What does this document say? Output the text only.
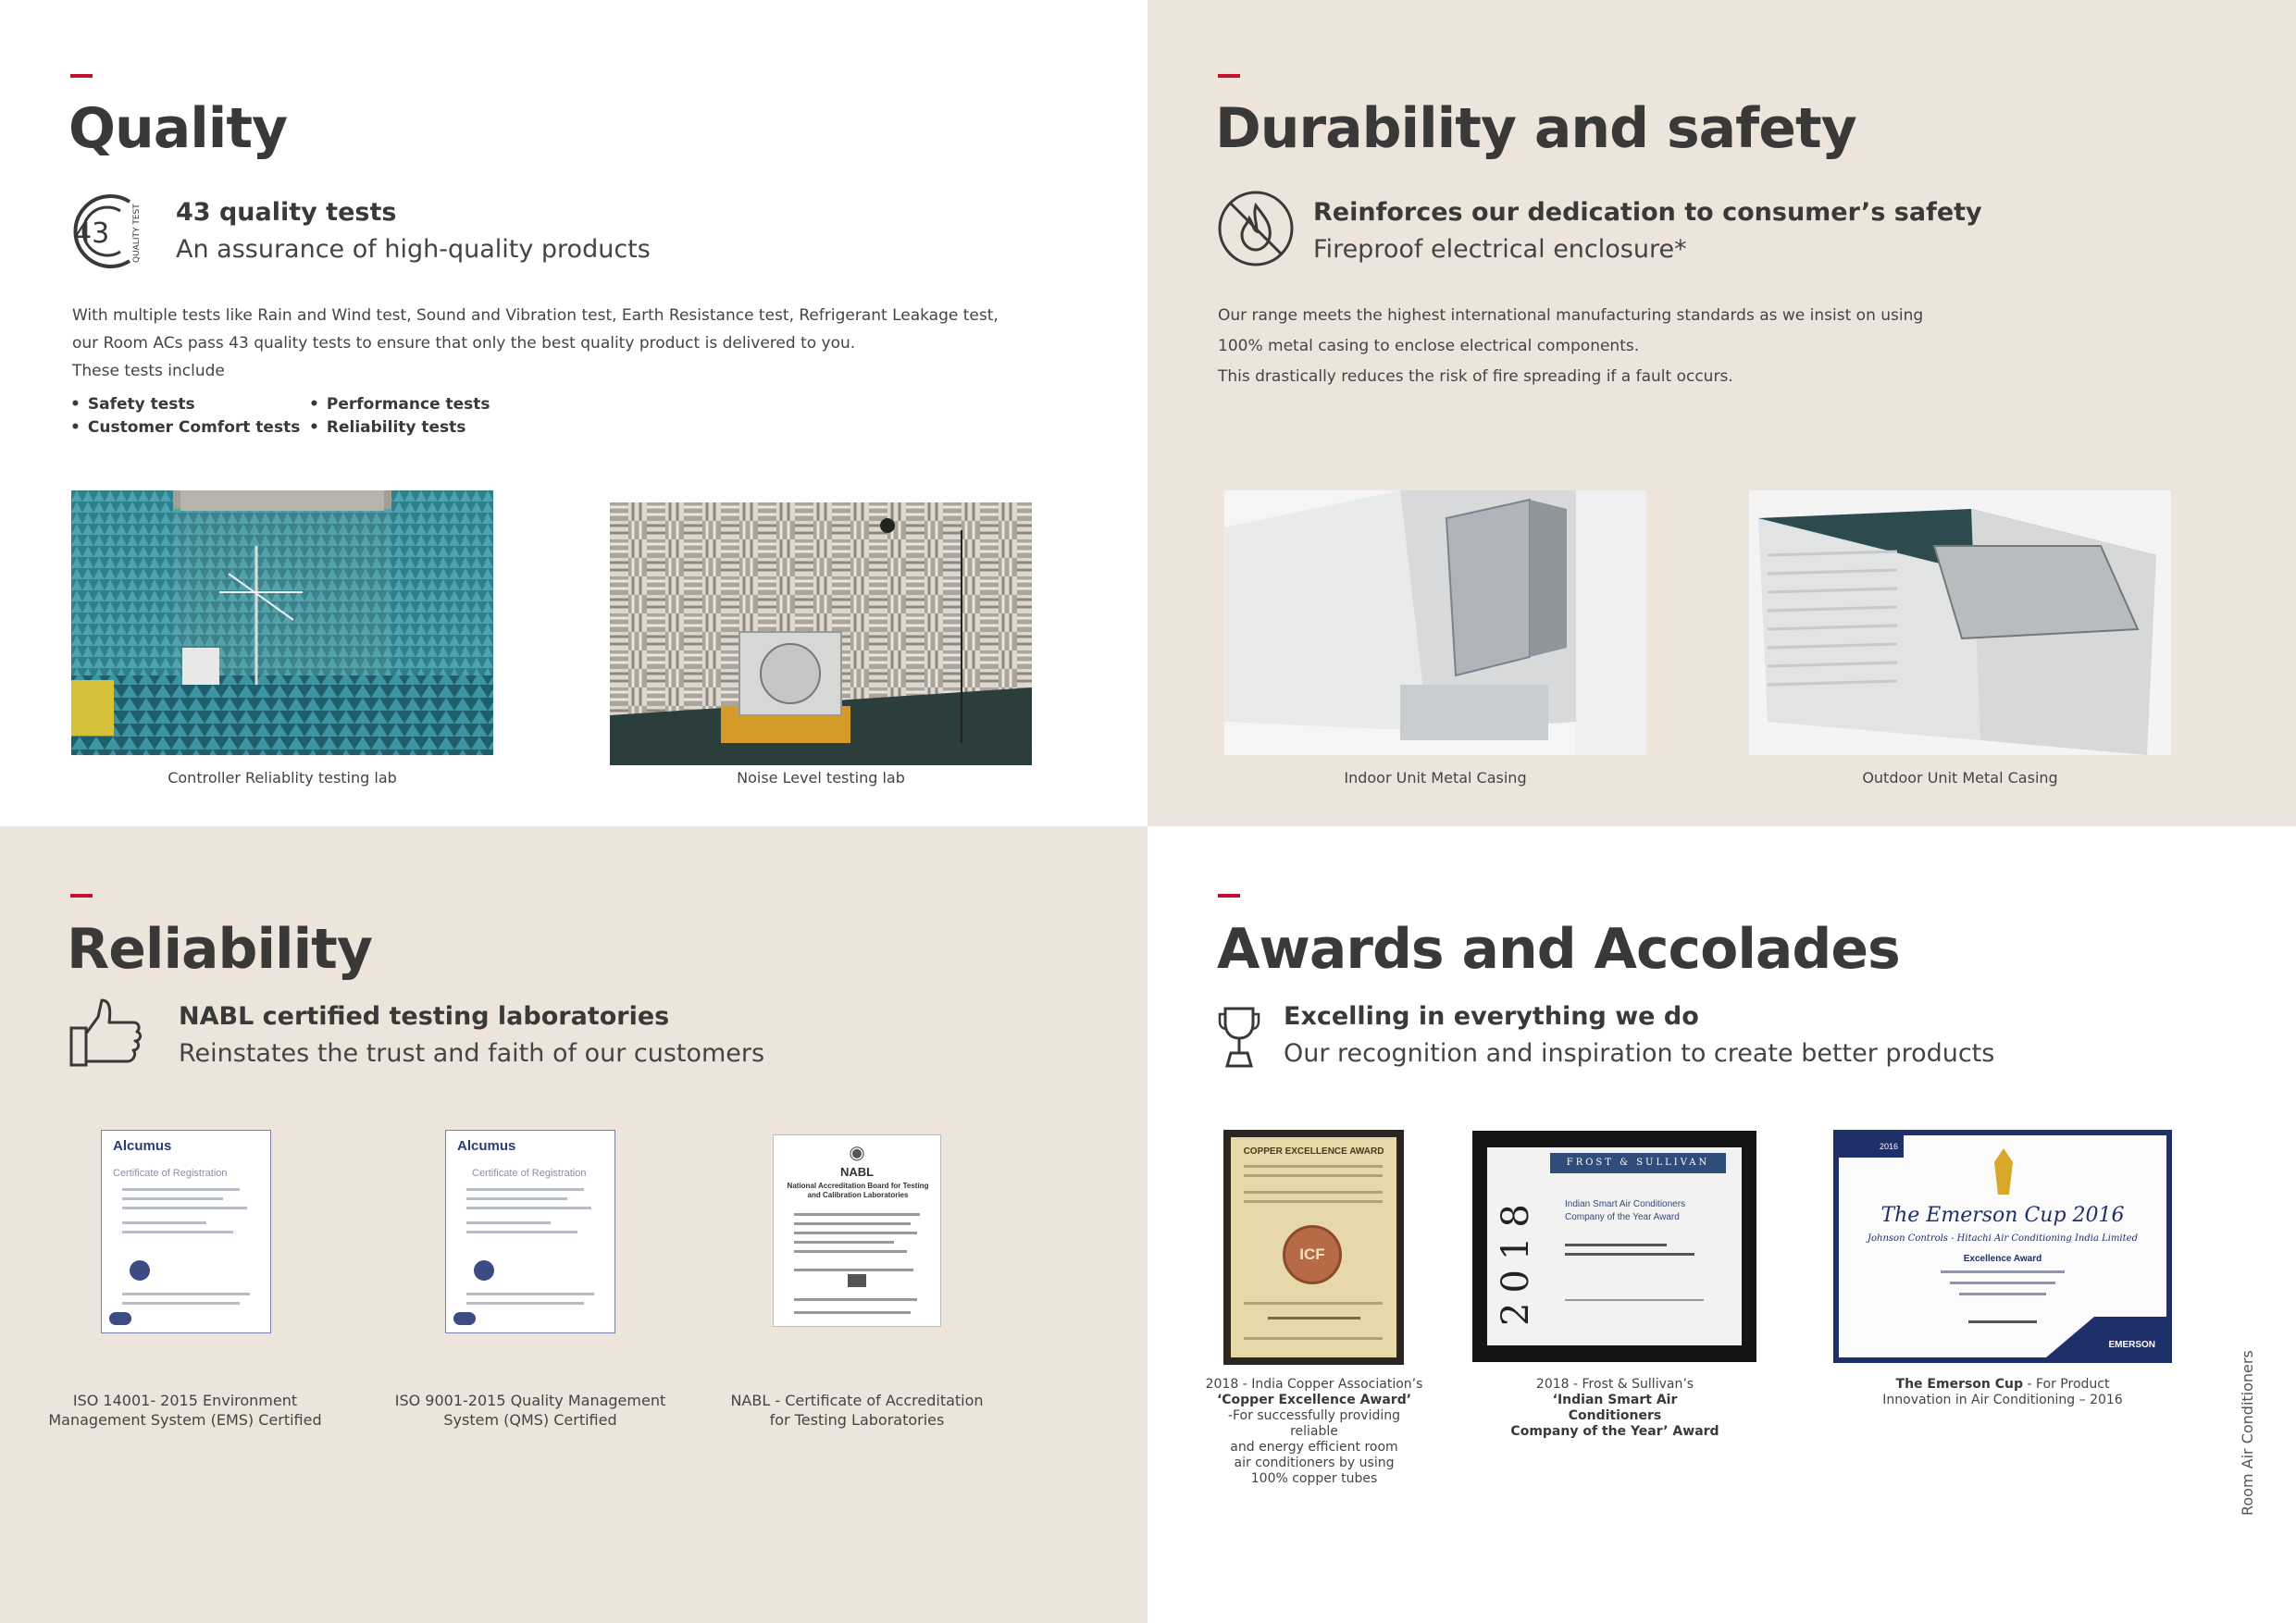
Quality
43	QUALITY TEST 43 quality tests
An assurance of high-quality products
With multiple tests like Rain and Wind test, Sound and Vibration test, Earth Resistance test, Refrigerant Leakage test,
our Room ACs pass 43 quality tests to ensure that only the best quality product is delivered to you.
These tests include
• Safety tests	• Performance tests
• Customer Comfort tests	• Reliability tests
Controller Reliablity testing lab	Noise Level testing lab
Durability and safety
Reinforces our dedication to consumer’s safety
Fireproof electrical enclosure*
Our range meets the highest international manufacturing standards as we insist on using
100% metal casing to enclose electrical components.
This drastically reduces the risk of fire spreading if a fault occurs.
Indoor Unit Metal Casing	Outdoor Unit Metal Casing
Reliability
NABL certified testing laboratories
Reinstates the trust and faith of our customers
Alcumus
Certificate of Registration
Alcumus
Certificate of Registration
◉
NABL
National Accreditation Board for Testing and Calibration Laboratories
ISO 14001- 2015 Environment
Management System (EMS) Certified
ISO 9001-2015 Quality Management
System (QMS) Certified
NABL - Certificate of Accreditation
for Testing Laboratories
Awards and Accolades
Excelling in everything we do
Our recognition and inspiration to create better products
COPPER EXCELLENCE AWARD
ICF
2018 - India Copper Association’s
‘Copper Excellence Award’
-For successfully providing reliable
and energy efficient room
air conditioners by using
100% copper tubes
2018
FROST & SULLIVAN
Indian Smart Air Conditioners
Company of the Year Award
2018 - Frost & Sullivan’s
‘Indian Smart Air Conditioners
Company of the Year’ Award
2016
The Emerson Cup 2016
Johnson Controls - Hitachi Air Conditioning India Limited
Excellence Award
EMERSON
The Emerson Cup - For Product
Innovation in Air Conditioning – 2016	Room Air Conditioners
